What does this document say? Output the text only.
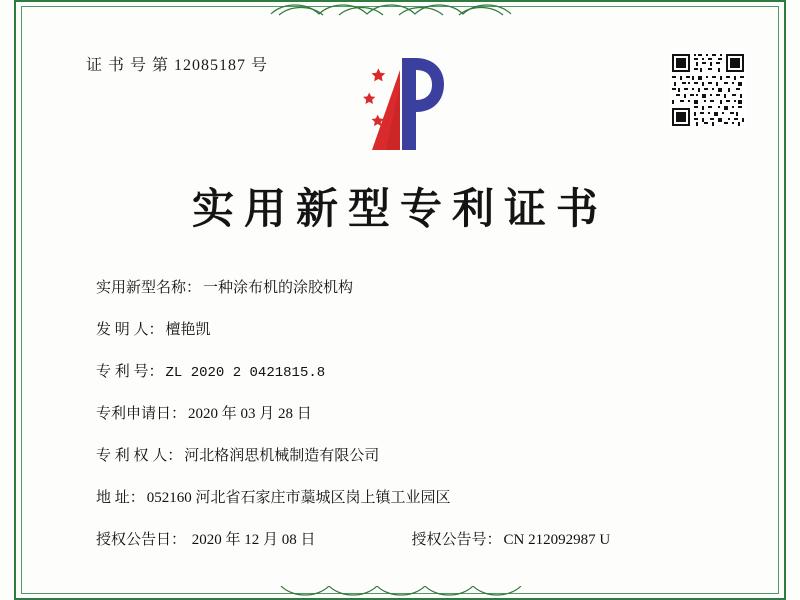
证 书 号 第 12085187 号
实用新型专利证书
实用新型名称： 一种涂布机的涂胶机构
发 明 人： 檀艳凯
专 利 号： ZL 2020 2 0421815.8
专利申请日： 2020 年 03 月 28 日
专 利 权 人： 河北格润思机械制造有限公司
地 址： 052160 河北省石家庄市藁城区岗上镇工业园区
授权公告日： 2020 年 12 月 08 日	授权公告号： CN 212092987 U
